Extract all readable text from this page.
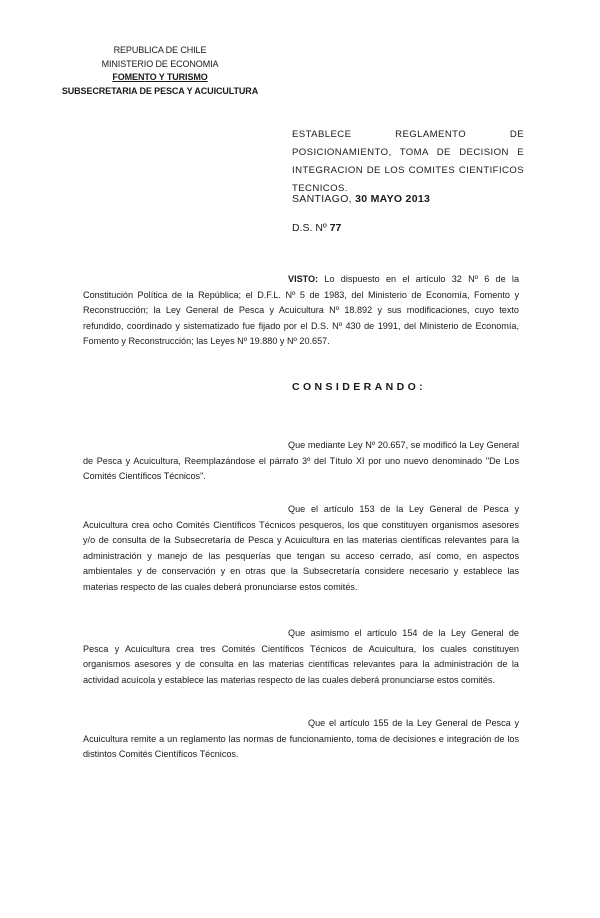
REPUBLICA DE CHILE
MINISTERIO DE ECONOMIA
FOMENTO Y TURISMO
SUBSECRETARIA DE PESCA Y ACUICULTURA
ESTABLECE REGLAMENTO DE POSICIONAMIENTO, TOMA DE DECISION E INTEGRACION DE LOS COMITES CIENTIFICOS TECNICOS.
SANTIAGO, 30 MAYO 2013
D.S. Nº 77
VISTO: Lo dispuesto en el artículo 32 Nº 6 de la Constitución Política de la República; el D.F.L. Nº 5 de 1983, del Ministerio de Economía, Fomento y Reconstrucción; la Ley General de Pesca y Acuicultura Nº 18.892 y sus modificaciones, cuyo texto refundido, coordinado y sistematizado fue fijado por el D.S. Nº 430 de 1991, del Ministerio de Economía, Fomento y Reconstrucción; las Leyes Nº 19.880 y Nº 20.657.
CONSIDERANDO:
Que mediante Ley Nº 20.657, se modificó la Ley General de Pesca y Acuicultura, Reemplazándose el párrafo 3º del Título XI por uno nuevo denominado "De Los Comités Científicos Técnicos".
Que el artículo 153 de la Ley General de Pesca y Acuicultura crea ocho Comités Científicos Técnicos pesqueros, los que constituyen organismos asesores y/o de consulta de la Subsecretaría de Pesca y Acuicultura en las materias científicas relevantes para la administración y manejo de las pesquerías que tengan su acceso cerrado, así como, en aspectos ambientales y de conservación y en otras que la Subsecretaría considere necesario y establece las materias respecto de las cuales deberá pronunciarse estos comités.
Que asimismo el artículo 154 de la Ley General de Pesca y Acuicultura crea tres Comités Científicos Técnicos de Acuicultura, los cuales constituyen organismos asesores y de consulta en las materias científicas relevantes para la administración de la actividad acuícola y establece las materias respecto de las cuales deberá pronunciarse estos comités.
Que el artículo 155 de la Ley General de Pesca y Acuicultura remite a un reglamento las normas de funcionamiento, toma de decisiones e integración de los distintos Comités Científicos Técnicos.
